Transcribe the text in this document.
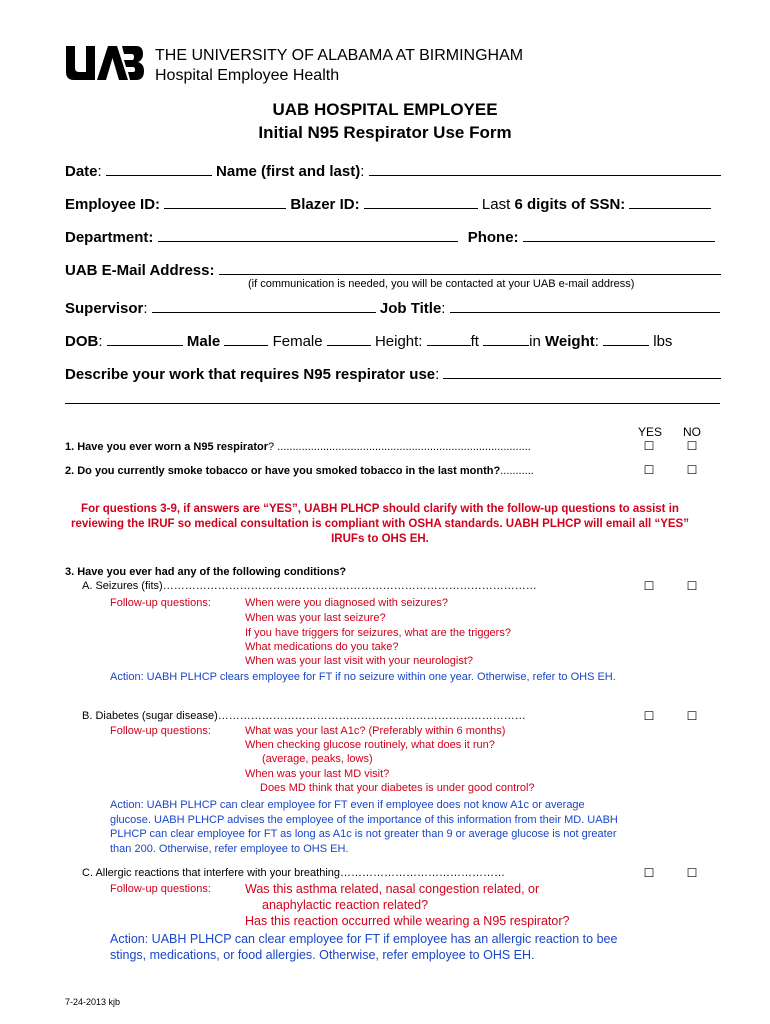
THE UNIVERSITY OF ALABAMA AT BIRMINGHAM
Hospital Employee Health
UAB HOSPITAL EMPLOYEE
Initial N95 Respirator Use Form
Date:	Name (first and last):
Employee ID:	Blazer ID:	Last 6 digits of SSN:
Department:	Phone:
UAB E-Mail Address:
(if communication is needed, you will be contacted at your UAB e-mail address)
Supervisor:	Job Title:
DOB:	Male	Female	Height:	ft	in Weight:	lbs
Describe your work that requires N95 respirator use:
YES NO
1. Have you ever worn a N95 respirator? ...................................................................................	☐	☐
2. Do you currently smoke tobacco or have you smoked tobacco in the last month?...........	☐	☐
For questions 3-9, if answers are “YES”, UABH PLHCP should clarify with the follow-up questions to assist in reviewing the IRUF so medical consultation is compliant with OSHA standards. UABH PLHCP will email all “YES” IRUFs to OHS EH.
3. Have you ever had any of the following conditions?
A. Seizures (fits)…………………………………………………………………………………………	☐	☐
Follow-up questions:	When were you diagnosed with seizures?
When was your last seizure?
If you have triggers for seizures, what are the triggers?
What medications do you take?
When was your last visit with your neurologist?
Action: UABH PLHCP clears employee for FT if no seizure within one year. Otherwise, refer to OHS EH.
B. Diabetes (sugar disease)…………………………………………………………………………	☐	☐
Follow-up questions:	What was your last A1c? (Preferably within 6 months)
When checking glucose routinely, what does it run?
(average, peaks, lows)
When was your last MD visit?
Does MD think that your diabetes is under good control?
Action: UABH PLHCP can clear employee for FT even if employee does not know A1c or average glucose. UABH PLHCP advises the employee of the importance of this information from their MD. UABH PLHCP can clear employee for FT as long as A1c is not greater than 9 or average glucose is not greater than 200. Otherwise, refer employee to OHS EH.
C. Allergic reactions that interfere with your breathing………………………………………	☐	☐
Follow-up questions:	Was this asthma related, nasal congestion related, or
anaphylactic reaction related?
Has this reaction occurred while wearing a N95 respirator?
Action: UABH PLHCP can clear employee for FT if employee has an allergic reaction to bee stings, medications, or food allergies. Otherwise, refer employee to OHS EH.
7-24-2013 kjb
